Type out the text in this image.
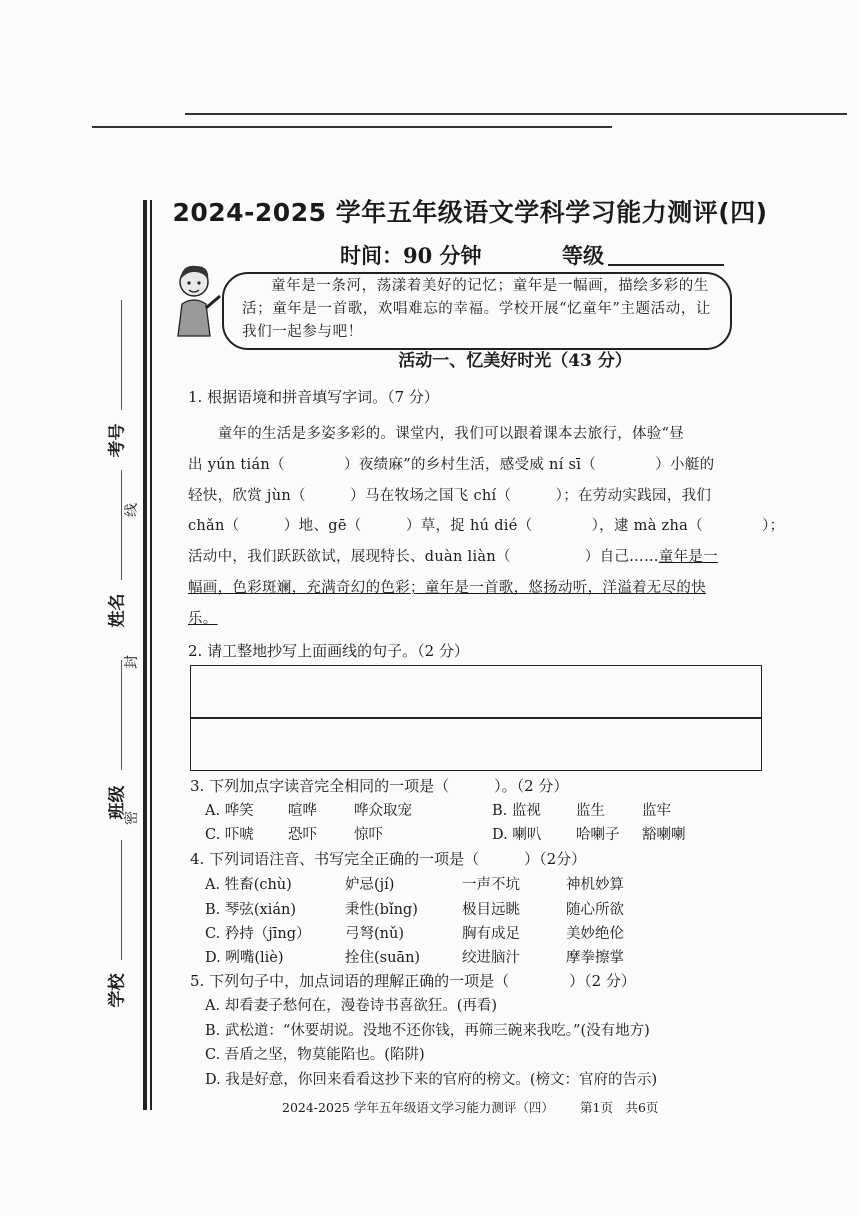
考号
线
姓名
封
班级
密
学校
2024-2025 学年五年级语文学科学习能力测评(四)
时间：90 分钟	等级
童年是一条河，荡漾着美好的记忆；童年是一幅画，描绘多彩的生活；童年是一首歌，欢唱难忘的幸福。学校开展“忆童年”主题活动，让我们一起参与吧！
活动一、忆美好时光（43 分）
1. 根据语境和拼音填写字词。（7 分）
　　童年的生活是多姿多彩的。课堂内，我们可以跟着课本去旅行，体验“昼
出 yún tián（　　　　）夜绩麻”的乡村生活，感受威 ní sī（　　　　）小艇的
轻快，欣赏 jùn（　　　）马在牧场之国飞 chí（　　　）；在劳动实践园，我们
chǎn（　　　）地、gē（　　　）草，捉 hú dié（　　　　），逮 mà zha（　　　　）；
活动中，我们跃跃欲试，展现特长、duàn liàn（　　　　　）自己……童年是一
幅画，色彩斑斓，充满奇幻的色彩；童年是一首歌，悠扬动听，洋溢着无尽的快
乐。
2. 请工整地抄写上面画线的句子。（2 分）
3. 下列加点字读音完全相同的一项是（　　　）。（2 分）
A. 哗笑 喧哗	哗众取宠	B. 监视 监生	监牢
C. 吓唬 恐吓	惊吓	D. 喇叭 哈喇子 豁喇喇
4. 下列词语注音、书写完全正确的一项是（　　　）（2分）
A. 牲畜(chù)	妒忌(jí)	一声不坑	神机妙算
B. 琴弦(xián)	秉性(bǐng)	极目远眺	随心所欲
C. 矜持（jīng） 弓弩(nǔ)	胸有成足	美妙绝伦
D. 咧嘴(liè)	拴住(suān)	绞进脑汁	摩拳擦掌
5. 下列句子中，加点词语的理解正确的一项是（　　　　）（2 分）
A. 却看妻子愁何在，漫卷诗书喜欲狂。(再看)
B. 武松道：“休要胡说。没地不还你钱，再筛三碗来我吃。”(没有地方)
C. 吾盾之坚，物莫能陷也。(陷阱)
D. 我是好意，你回来看看这抄下来的官府的榜文。(榜文：官府的告示)
2024-2025 学年五年级语文学习能力测评（四） 第1页　共6页
